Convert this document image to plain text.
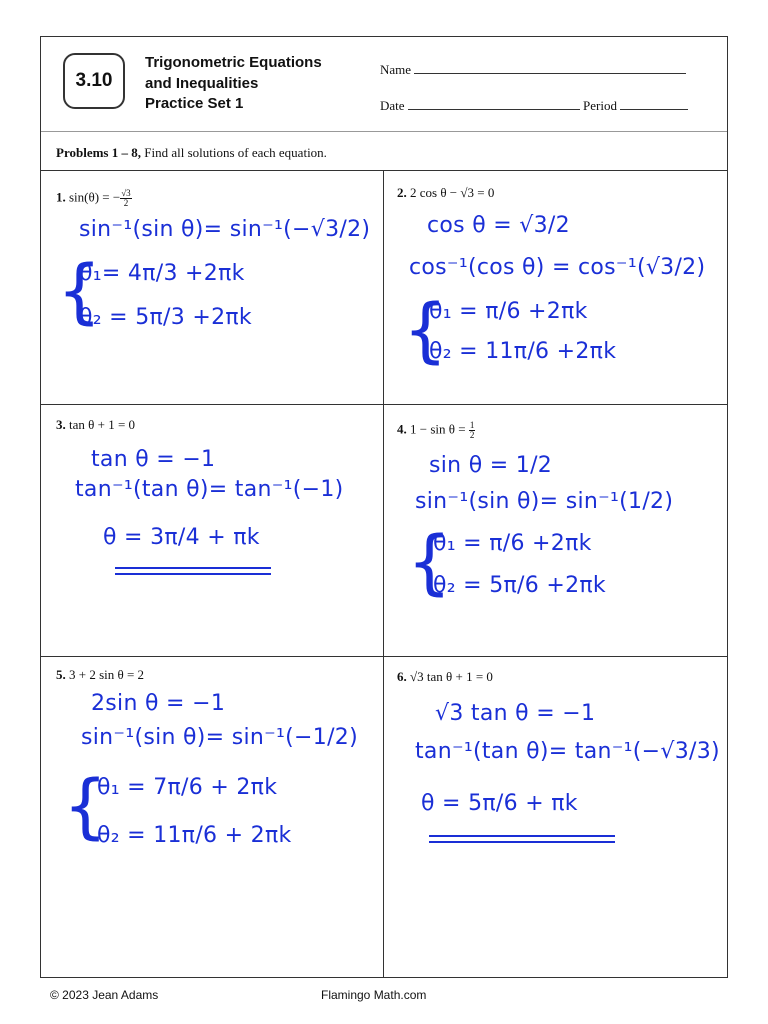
3.10
Trigonometric Equations
and Inequalities
Practice Set 1
Name
Date	Period
Problems 1 – 8, Find all solutions of each equation.
1. sin(θ) = − $\frac{√3}{2}$
sin⁻¹(sin θ)= sin⁻¹(−√3/2)
{
θ₁= 4π/3 +2πk
θ₂ = 5π/3 +2πk
2. 2 cos θ − √3 = 0
cos θ = √3/2
cos⁻¹(cos θ) = cos⁻¹(√3/2)
{
θ₁ = π/6 +2πk
θ₂ = 11π/6 +2πk
3. tan θ + 1 = 0
tan θ = −1
tan⁻¹(tan θ)= tan⁻¹(−1)
θ = 3π/4 + πk
4. $1 - \sin \theta = \frac{1}{2}$
sin θ = 1/2
sin⁻¹(sin θ)= sin⁻¹(1/2)
{
θ₁ = π/6 +2πk
θ₂ = 5π/6 +2πk
5. 3 + 2 sin θ = 2
2sin θ = −1
sin⁻¹(sin θ)= sin⁻¹(−1/2)
{
θ₁ = 7π/6 + 2πk
θ₂ = 11π/6 + 2πk
6. √3 tan θ + 1 = 0
√3 tan θ = −1
tan⁻¹(tan θ)= tan⁻¹(−√3/3)
θ = 5π/6 + πk
© 2023 Jean Adams	Flamingo Math.com
